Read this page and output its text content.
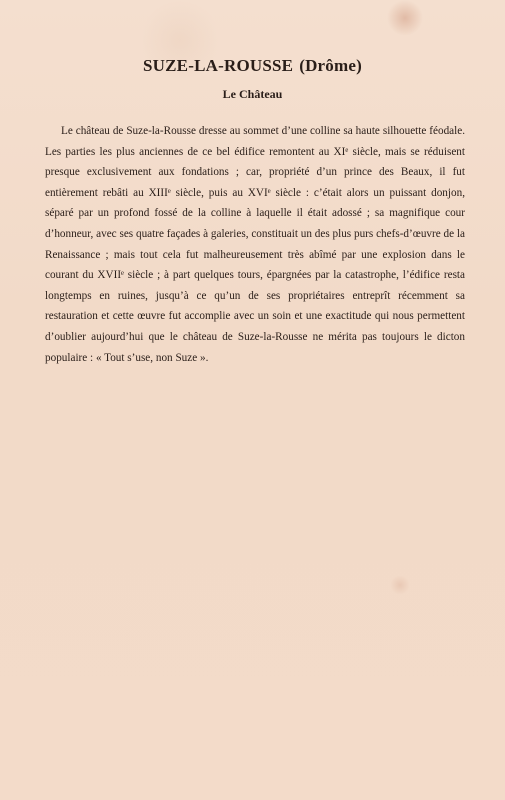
SUZE-LA-ROUSSE (Drôme)
Le Château
Le château de Suze-la-Rousse dresse au sommet d’une colline sa haute silhouette féodale. Les parties les plus anciennes de ce bel édifice remontent au XIᵉ siècle, mais se réduisent presque exclusivement aux fondations ; car, propriété d’un prince des Beaux, il fut entièrement rebâti au XIIIᵉ siècle, puis au XVIᵉ siècle : c’était alors un puissant donjon, séparé par un profond fossé de la colline à laquelle il était adossé ; sa magnifique cour d’honneur, avec ses quatre façades à galeries, constituait un des plus purs chefs-d’œuvre de la Renaissance ; mais tout cela fut malheureusement très abîmé par une explosion dans le courant du XVIIᵉ siècle ; à part quelques tours, épargnées par la catastrophe, l’édifice resta longtemps en ruines, jusqu’à ce qu’un de ses propriétaires entreprît récemment sa restauration et cette œuvre fut accomplie avec un soin et une exactitude qui nous permettent d’oublier aujourd’hui que le château de Suze-la-Rousse ne mérita pas toujours le dicton populaire : « Tout s’use, non Suze ».
